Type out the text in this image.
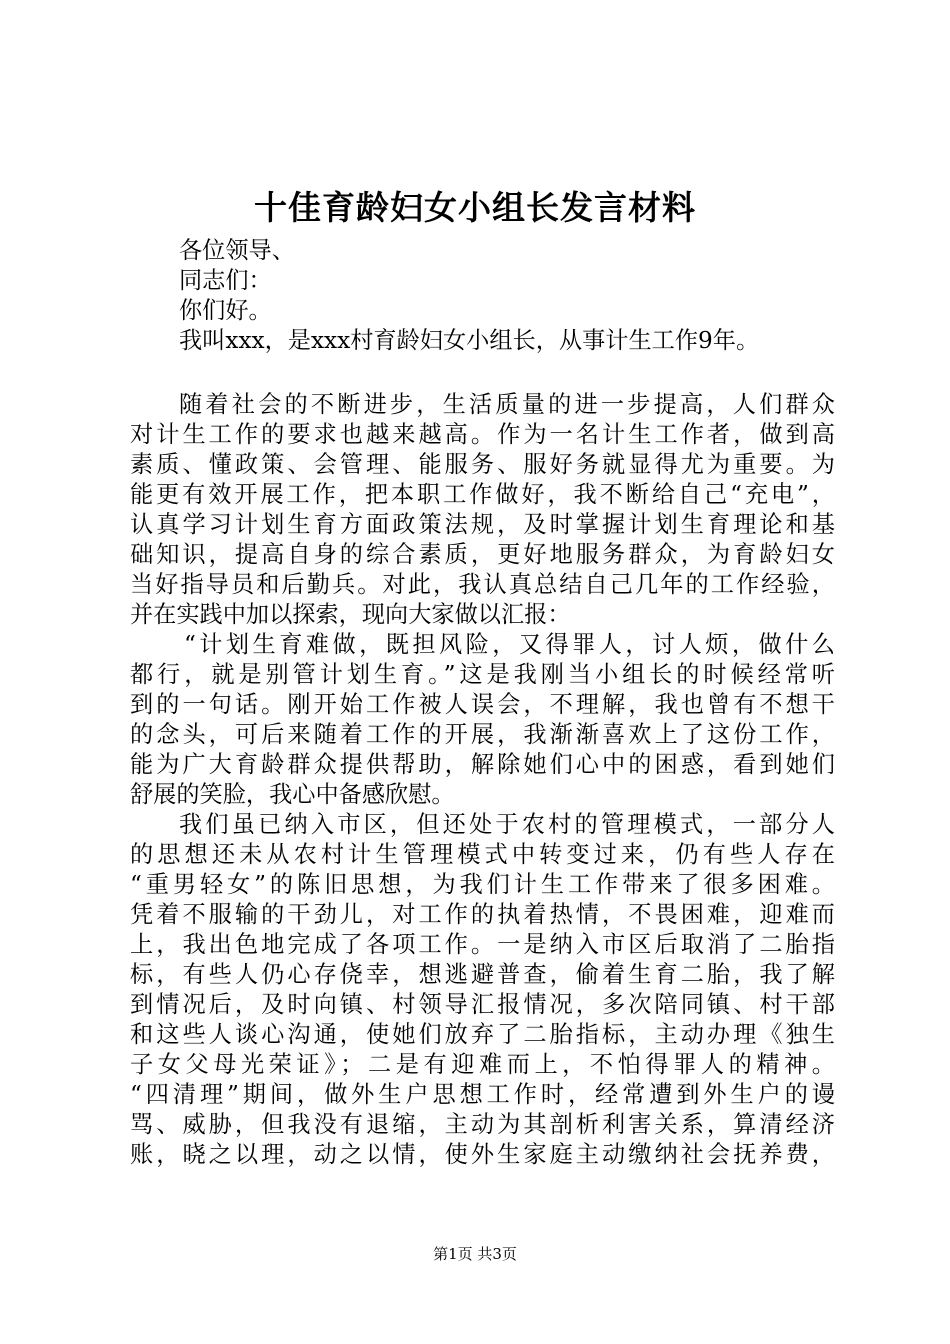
十佳育龄妇女小组长发言材料
各位领导、
同志们：
你们好。
我叫xxx，是xxx村育龄妇女小组长，从事计生工作9年。
随着社会的不断进步，生活质量的进一步提高，人们群众
对计生工作的要求也越来越高。作为一名计生工作者，做到高
素质、懂政策、会管理、能服务、服好务就显得尤为重要。为
能更有效开展工作，把本职工作做好，我不断给自己“充电”，
认真学习计划生育方面政策法规，及时掌握计划生育理论和基
础知识，提高自身的综合素质，更好地服务群众，为育龄妇女
当好指导员和后勤兵。对此，我认真总结自己几年的工作经验，
并在实践中加以探索，现向大家做以汇报：
“计划生育难做，既担风险，又得罪人，讨人烦，做什么
都行，就是别管计划生育。”这是我刚当小组长的时候经常听
到的一句话。刚开始工作被人误会，不理解，我也曾有不想干
的念头，可后来随着工作的开展，我渐渐喜欢上了这份工作，
能为广大育龄群众提供帮助，解除她们心中的困惑，看到她们
舒展的笑脸，我心中备感欣慰。
我们虽已纳入市区，但还处于农村的管理模式，一部分人
的思想还未从农村计生管理模式中转变过来，仍有些人存在
“重男轻女”的陈旧思想，为我们计生工作带来了很多困难。
凭着不服输的干劲儿，对工作的执着热情，不畏困难，迎难而
上，我出色地完成了各项工作。一是纳入市区后取消了二胎指
标，有些人仍心存侥幸，想逃避普查，偷着生育二胎，我了解
到情况后，及时向镇、村领导汇报情况，多次陪同镇、村干部
和这些人谈心沟通，使她们放弃了二胎指标，主动办理《独生
子女父母光荣证》；二是有迎难而上，不怕得罪人的精神。
“四清理”期间，做外生户思想工作时，经常遭到外生户的谩
骂、威胁，但我没有退缩，主动为其剖析利害关系，算清经济
账，晓之以理，动之以情，使外生家庭主动缴纳社会抚养费，
第1页 共3页
